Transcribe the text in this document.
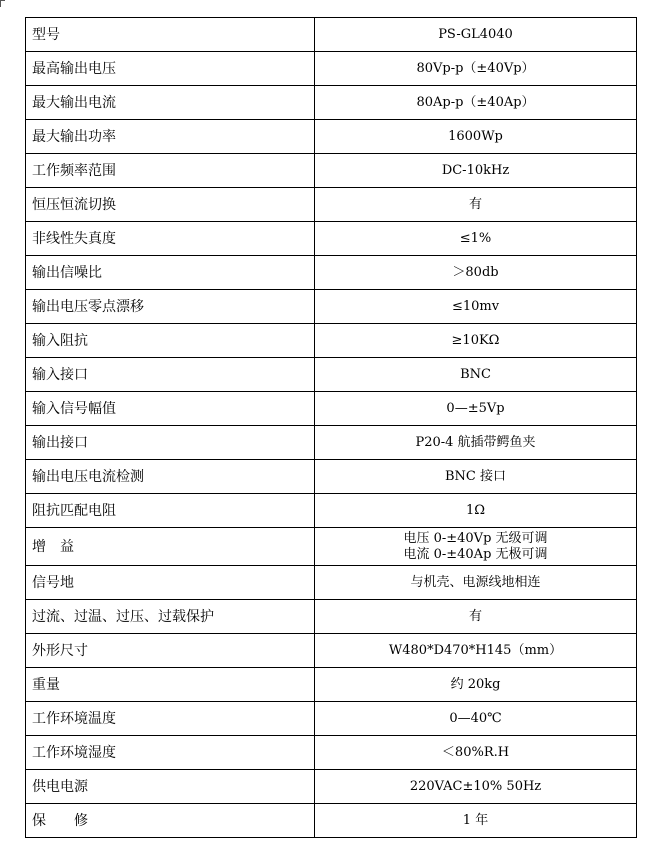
型号	PS-GL4040
最高输出电压	80Vp-p（±40Vp）
最大输出电流	80Ap-p（±40Ap）
最大输出功率	1600Wp
工作频率范围	DC-10kHz
恒压恒流切换	有
非线性失真度	≤1%
输出信噪比	＞80db
输出电压零点漂移	≤10mv
输入阻抗	≥10KΩ
输入接口	BNC
输入信号幅值	0—±5Vp
输出接口	P20-4 航插带鳄鱼夹
输出电压电流检测	BNC 接口
阻抗匹配电阻	1Ω
增　益	电压 0-±40Vp 无级可调
电流 0-±40Ap 无极可调

信号地	与机壳、电源线地相连
过流、过温、过压、过载保护	有
外形尺寸	W480*D470*H145（mm）
重量	约 20kg
工作环境温度	0—40℃
工作环境湿度	＜80%R.H
供电电源	220VAC±10% 50Hz
保　　修	1 年
